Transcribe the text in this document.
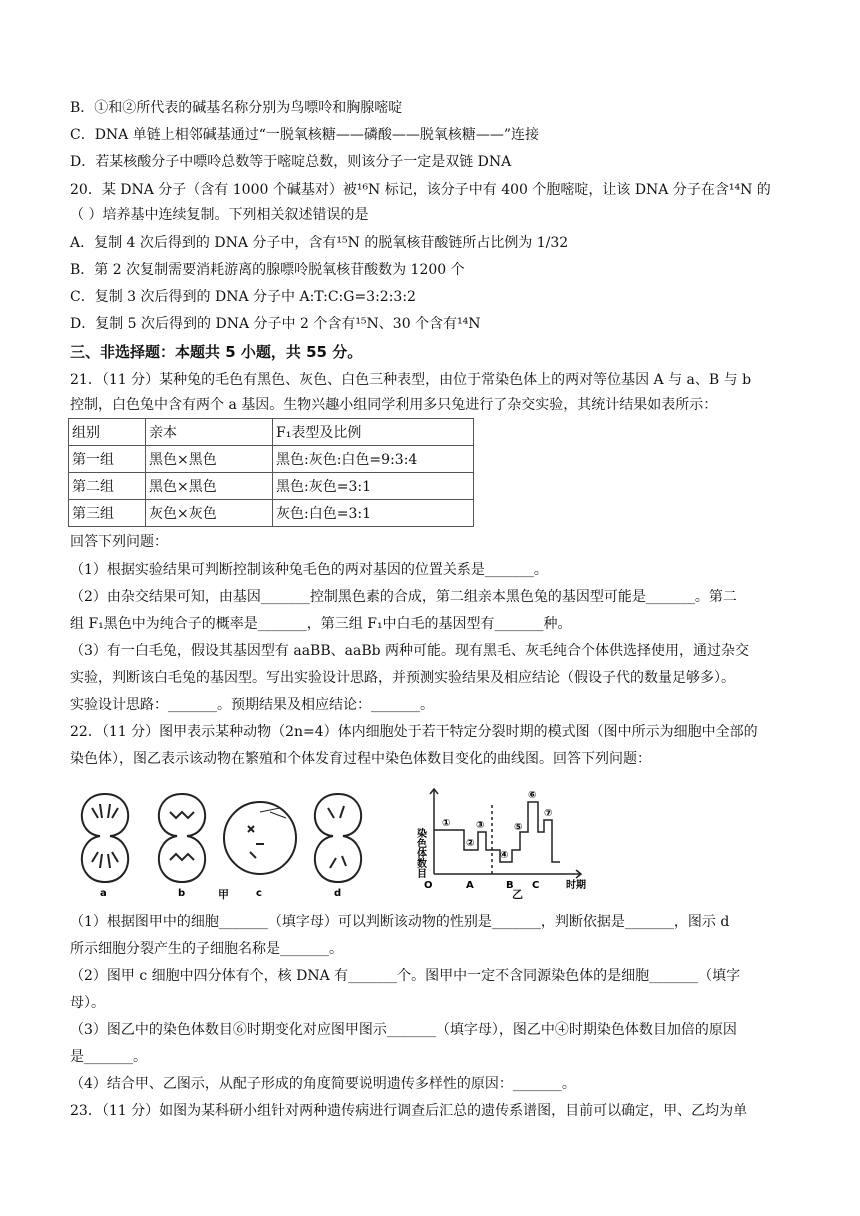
B．①和②所代表的碱基名称分别为鸟嘌呤和胸腺嘧啶
C．DNA 单链上相邻碱基通过“一脱氧核糖——磷酸——脱氧核糖——”连接
D．若某核酸分子中嘌呤总数等于嘧啶总数，则该分子一定是双链 DNA
20．某 DNA 分子（含有 1000 个碱基对）被¹⁶N 标记，该分子中有 400 个胞嘧啶，让该 DNA 分子在含¹⁴N 的
（ ）培养基中连续复制。下列相关叙述错误的是
A．复制 4 次后得到的 DNA 分子中，含有¹⁵N 的脱氧核苷酸链所占比例为 1/32
B．第 2 次复制需要消耗游离的腺嘌呤脱氧核苷酸数为 1200 个
C．复制 3 次后得到的 DNA 分子中 A:T:C:G=3:2:3:2
D．复制 5 次后得到的 DNA 分子中 2 个含有¹⁵N、30 个含有¹⁴N
三、非选择题：本题共 5 小题，共 55 分。
21．（11 分）某种兔的毛色有黑色、灰色、白色三种表型，由位于常染色体上的两对等位基因 A 与 a、B 与 b
控制，白色兔中含有两个 a 基因。生物兴趣小组同学利用多只兔进行了杂交实验，其统计结果如表所示：
组别	亲本	F₁表型及比例
第一组	黑色×黑色	黑色:灰色:白色=9:3:4
第二组	黑色×黑色	黑色:灰色=3:1
第三组	灰色×灰色	灰色:白色=3:1
回答下列问题：
（1）根据实验结果可判断控制该种兔毛色的两对基因的位置关系是_______。
（2）由杂交结果可知，由基因_______控制黑色素的合成，第二组亲本黑色兔的基因型可能是_______。第二
组 F₁黑色中为纯合子的概率是_______，第三组 F₁中白毛的基因型有_______种。
（3）有一白毛兔，假设其基因型有 aaBB、aaBb 两种可能。现有黑毛、灰毛纯合个体供选择使用，通过杂交
实验，判断该白毛兔的基因型。写出实验设计思路，并预测实验结果及相应结论（假设子代的数量足够多）。
实验设计思路：_______。预期结果及相应结论：_______。
22．（11 分）图甲表示某种动物（2n=4）体内细胞处于若干特定分裂时期的模式图（图中所示为细胞中全部的
染色体），图乙表示该动物在繁殖和个体发育过程中染色体数目变化的曲线图。回答下列问题：
a	b	c	d
甲
染色体数目
时期
O	A	B C
①
②
③
④
⑤
⑥
⑦
乙
（1）根据图甲中的细胞_______（填字母）可以判断该动物的性别是_______，判断依据是_______，图示 d
所示细胞分裂产生的子细胞名称是_______。
（2）图甲 c 细胞中四分体有个，核 DNA 有_______个。图甲中一定不含同源染色体的是细胞_______（填字
母）。
（3）图乙中的染色体数目⑥时期变化对应图甲图示_______（填字母），图乙中④时期染色体数目加倍的原因
是_______。
（4）结合甲、乙图示，从配子形成的角度简要说明遗传多样性的原因：_______。
23．（11 分）如图为某科研小组针对两种遗传病进行调查后汇总的遗传系谱图，目前可以确定，甲、乙均为单
